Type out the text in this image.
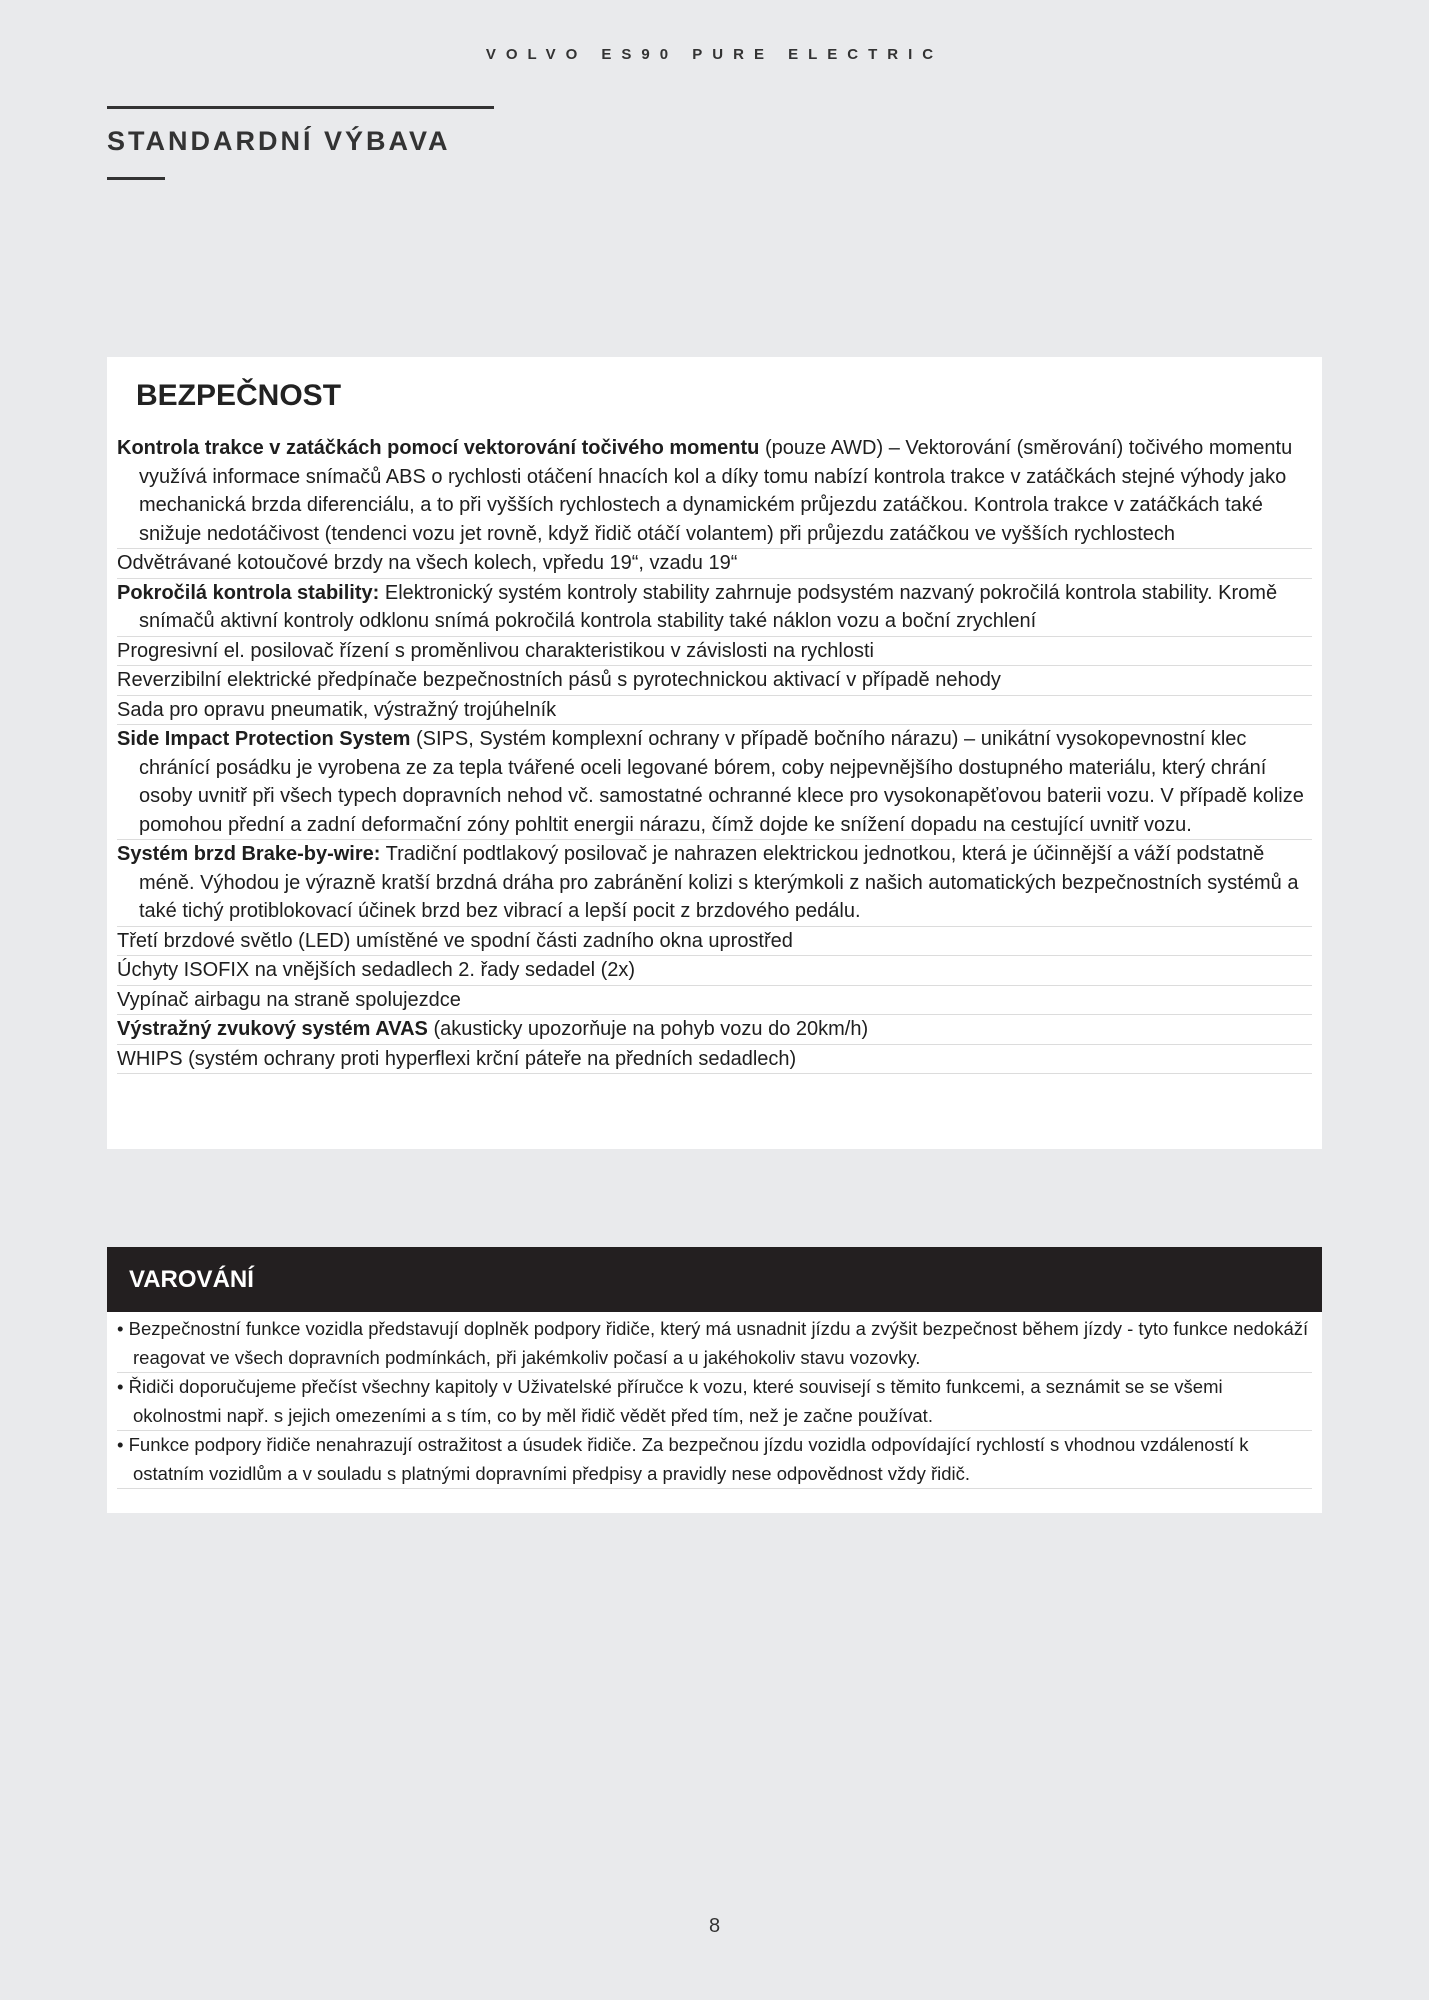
VOLVO ES90 PURE ELECTRIC
STANDARDNÍ VÝBAVA
BEZPEČNOST
Kontrola trakce v zatáčkách pomocí vektorování točivého momentu (pouze AWD) – Vektorování (směrování) točivého momentu využívá informace snímačů ABS o rychlosti otáčení hnacích kol a díky tomu nabízí kontrola trakce v zatáčkách stejné výhody jako mechanická brzda diferenciálu, a to při vyšších rychlostech a dynamickém průjezdu zatáčkou. Kontrola trakce v zatáčkách také snižuje nedotáčivost (tendenci vozu jet rovně, když řidič otáčí volantem) při průjezdu zatáčkou ve vyšších rychlostech
Odvětrávané kotoučové brzdy na všech kolech, vpředu 19“, vzadu 19“
Pokročilá kontrola stability: Elektronický systém kontroly stability zahrnuje podsystém nazvaný pokročilá kontrola stability. Kromě snímačů aktivní kontroly odklonu snímá pokročilá kontrola stability také náklon vozu a boční zrychlení
Progresivní el. posilovač řízení s proměnlivou charakteristikou v závislosti na rychlosti
Reverzibilní elektrické předpínače bezpečnostních pásů s pyrotechnickou aktivací v případě nehody
Sada pro opravu pneumatik, výstražný trojúhelník
Side Impact Protection System (SIPS, Systém komplexní ochrany v případě bočního nárazu) – unikátní vysokopevnostní klec chránící posádku je vyrobena ze za tepla tvářené oceli legované bórem, coby nejpevnějšího dostupného materiálu, který chrání osoby uvnitř při všech typech dopravních nehod vč. samostatné ochranné klece pro vysokonapěťovou baterii vozu. V případě kolize pomohou přední a zadní deformační zóny pohltit energii nárazu, čímž dojde ke snížení dopadu na cestující uvnitř vozu.
Systém brzd Brake-by-wire: Tradiční podtlakový posilovač je nahrazen elektrickou jednotkou, která je účinnější a váží podstatně méně. Výhodou je výrazně kratší brzdná dráha pro zabránění kolizi s kterýmkoli z našich automatických bezpečnostních systémů a také tichý protiblokovací účinek brzd bez vibrací a lepší pocit z brzdového pedálu.
Třetí brzdové světlo (LED) umístěné ve spodní části zadního okna uprostřed
Úchyty ISOFIX na vnějších sedadlech 2. řady sedadel (2x)
Vypínač airbagu na straně spolujezdce
Výstražný zvukový systém AVAS (akusticky upozorňuje na pohyb vozu do 20km/h)
WHIPS (systém ochrany proti hyperflexi krční páteře na předních sedadlech)
VAROVÁNÍ
• Bezpečnostní funkce vozidla představují doplněk podpory řidiče, který má usnadnit jízdu a zvýšit bezpečnost během jízdy - tyto funkce nedokáží reagovat ve všech dopravních podmínkách, při jakémkoliv počasí a u jakéhokoliv stavu vozovky.
• Řidiči doporučujeme přečíst všechny kapitoly v Uživatelské příručce k vozu, které souvisejí s těmito funkcemi, a seznámit se se všemi okolnostmi např. s jejich omezeními a s tím, co by měl řidič vědět před tím, než je začne používat.
• Funkce podpory řidiče nenahrazují ostražitost a úsudek řidiče. Za bezpečnou jízdu vozidla odpovídající rychlostí s vhodnou vzdáleností k ostatním vozidlům a v souladu s platnými dopravními předpisy a pravidly nese odpovědnost vždy řidič.
8
